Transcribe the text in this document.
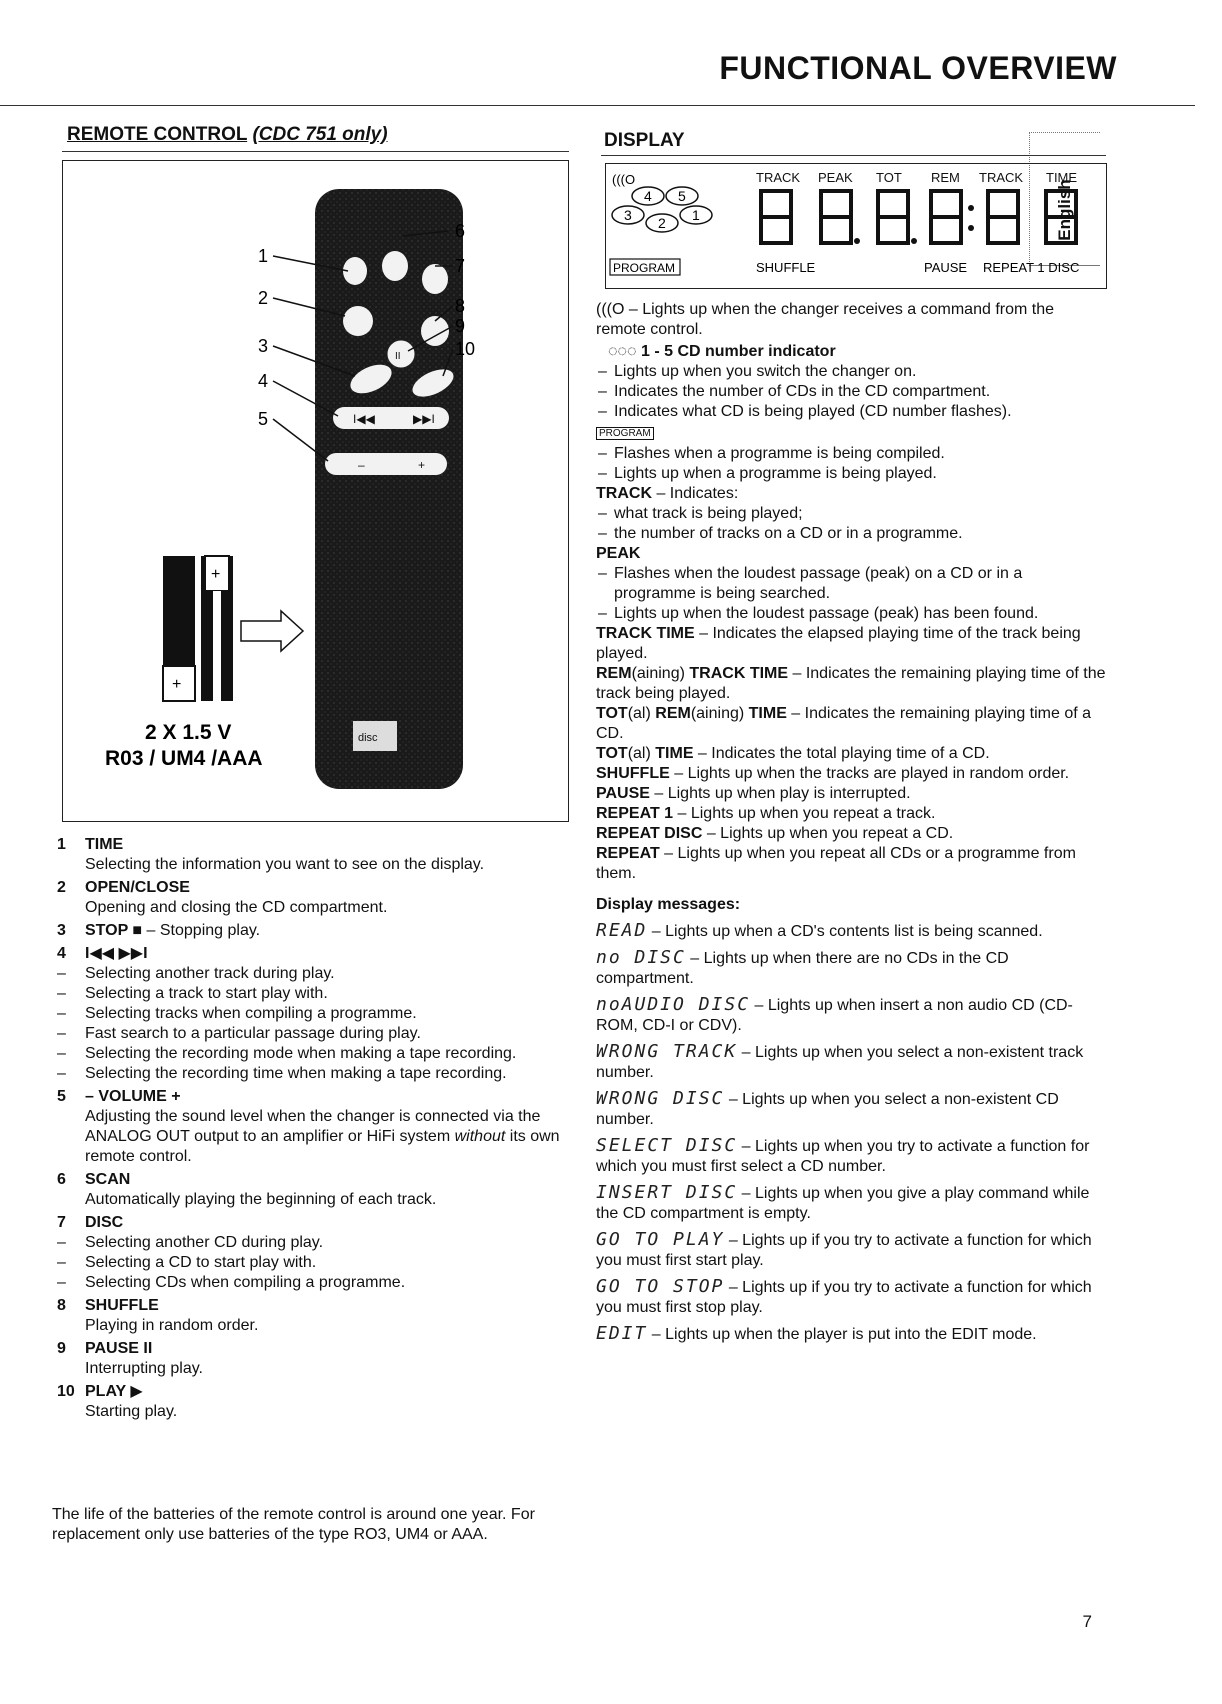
FUNCTIONAL OVERVIEW
English
REMOTE CONTROL (CDC 751 only)
II
I◀◀	▶▶I
–	+
disc
1
2
3
4
5
6
7
8
9
10
+
+
2 X 1.5 V
R03 / UM4 /AAA
1	TIME
Selecting the information you want to see on the display.
2	OPEN/CLOSE
Opening and closing the CD compartment.
3	STOP ■ – Stopping play.
4	I◀◀ ▶▶I
– Selecting another track during play.
– Selecting a track to start play with.
– Selecting tracks when compiling a programme.
– Fast search to a particular passage during play.
– Selecting the recording mode when making a tape recording.
– Selecting the recording time when making a tape recording.
5	– VOLUME +
Adjusting the sound level when the changer is connected via the ANALOG OUT output to an amplifier or HiFi system without its own remote control.
6	SCAN
Automatically playing the beginning of each track.
7	DISC
– Selecting another CD during play.
– Selecting a CD to start play with.
– Selecting CDs when compiling a programme.
8	SHUFFLE
Playing in random order.
9	PAUSE II
Interrupting play.
10 PLAY ▶
Starting play.
The life of the batteries of the remote control is around one year. For replacement only use batteries of the type RO3, UM4 or AAA.
DISPLAY
(((O
4 5
3 2 1
TRACK PEAK TOT REM TRACK TIME
PROGRAM	SHUFFLE	PAUSE REPEAT 1 DISC
(((O – Lights up when the changer receives a command from the remote control.
◌◌◌ 1 - 5 CD number indicator
– Lights up when you switch the changer on.
– Indicates the number of CDs in the CD compartment.
– Indicates what CD is being played (CD number flashes).
PROGRAM
– Flashes when a programme is being compiled.
– Lights up when a programme is being played.
TRACK – Indicates:
– what track is being played;
– the number of tracks on a CD or in a programme.
PEAK
– Flashes when the loudest passage (peak) on a CD or in a programme is being searched.
– Lights up when the loudest passage (peak) has been found.
TRACK TIME – Indicates the elapsed playing time of the track being played.
REM(aining) TRACK TIME – Indicates the remaining playing time of the track being played.
TOT(al) REM(aining) TIME – Indicates the remaining playing time of a CD.
TOT(al) TIME – Indicates the total playing time of a CD.
SHUFFLE – Lights up when the tracks are played in random order.
PAUSE – Lights up when play is interrupted.
REPEAT 1 – Lights up when you repeat a track.
REPEAT DISC – Lights up when you repeat a CD.
REPEAT – Lights up when you repeat all CDs or a programme from them.
Display messages:
READ – Lights up when a CD's contents list is being scanned.
no DISC – Lights up when there are no CDs in the CD compartment.
noAUDIO DISC – Lights up when insert a non audio CD (CD-ROM, CD-I or CDV).
WRONG TRACK – Lights up when you select a non-existent track number.
WRONG DISC – Lights up when you select a non-existent CD number.
SELECT DISC – Lights up when you try to activate a function for which you must first select a CD number.
INSERT DISC – Lights up when you give a play command while the CD compartment is empty.
GO TO PLAY – Lights up if you try to activate a function for which you must first start play.
GO TO STOP – Lights up if you try to activate a function for which you must first stop play.
EDIT – Lights up when the player is put into the EDIT mode.
7
